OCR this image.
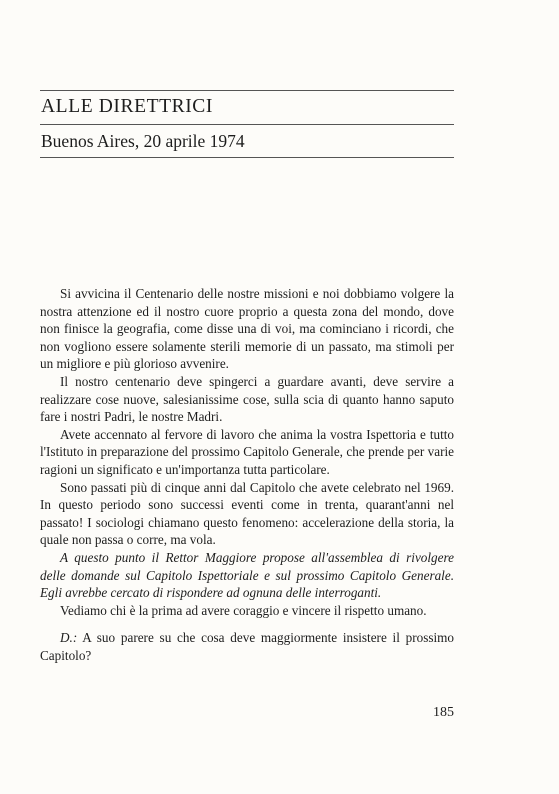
ALLE DIRETTRICI
Buenos Aires, 20 aprile 1974

Si avvicina il Centenario delle nostre missioni e noi dobbiamo volgere la nostra attenzione ed il nostro cuore proprio a questa zona del mondo, dove non finisce la geografia, come disse una di voi, ma cominciano i ricordi, che non vogliono essere solamente sterili memorie di un passato, ma stimoli per un migliore e più glorioso avvenire.

Il nostro centenario deve spingerci a guardare avanti, deve servire a realizzare cose nuove, salesianissime cose, sulla scia di quanto hanno saputo fare i nostri Padri, le nostre Madri.

Avete accennato al fervore di lavoro che anima la vostra Ispettoria e tutto l'Istituto in preparazione del prossimo Capitolo Generale, che prende per varie ragioni un significato e un'importanza tutta particolare.

Sono passati più di cinque anni dal Capitolo che avete celebrato nel 1969. In questo periodo sono successi eventi come in trenta, quarant'anni nel passato! I sociologi chiamano questo fenomeno: accelerazione della storia, la quale non passa o corre, ma vola.

A questo punto il Rettor Maggiore propose all'assemblea di rivolgere delle domande sul Capitolo Ispettoriale e sul prossimo Capitolo Generale. Egli avrebbe cercato di rispondere ad ognuna delle interroganti.

Vediamo chi è la prima ad avere coraggio e vincere il rispetto umano.

D.: A suo parere su che cosa deve maggiormente insistere il prossimo Capitolo?

185
